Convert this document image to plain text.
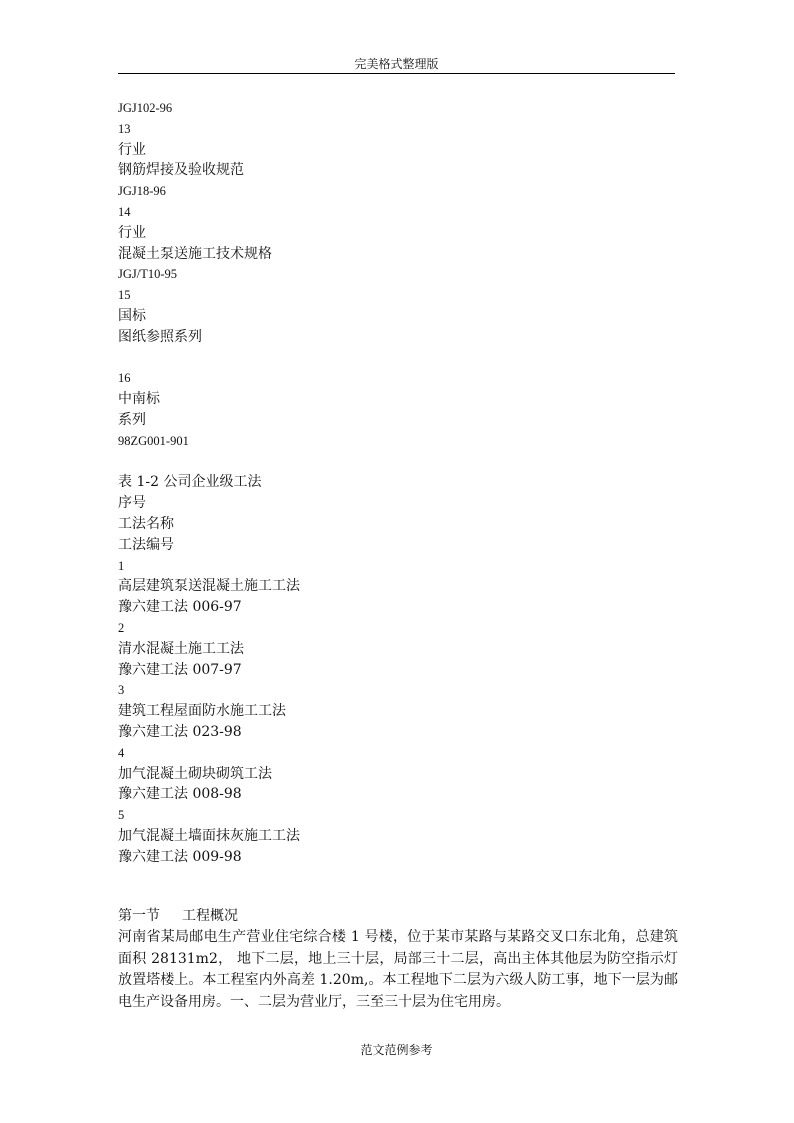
完美格式整理版
JGJ102-96
13
行业
钢筋焊接及验收规范
JGJ18-96
14
行业
混凝土泵送施工技术规格
JGJ/T10-95
15
国标
图纸参照系列
16
中南标
系列
98ZG001-901
表 1-2 公司企业级工法
序号
工法名称
工法编号
1
高层建筑泵送混凝土施工工法
豫六建工法 006-97
2
清水混凝土施工工法
豫六建工法 007-97
3
建筑工程屋面防水施工工法
豫六建工法 023-98
4
加气混凝土砌块砌筑工法
豫六建工法 008-98
5
加气混凝土墙面抹灰施工工法
豫六建工法 009-98
第一节 工程概况
河南省某局邮电生产营业住宅综合楼 1 号楼，位于某市某路与某路交叉口东北角，总建筑面积 28131m2， 地下二层，地上三十层，局部三十二层，高出主体其他层为防空指示灯放置塔楼上。本工程室内外高差 1.20m,。本工程地下二层为六级人防工事，地下一层为邮电生产设备用房。一、二层为营业厅，三至三十层为住宅用房。
范文范例参考
